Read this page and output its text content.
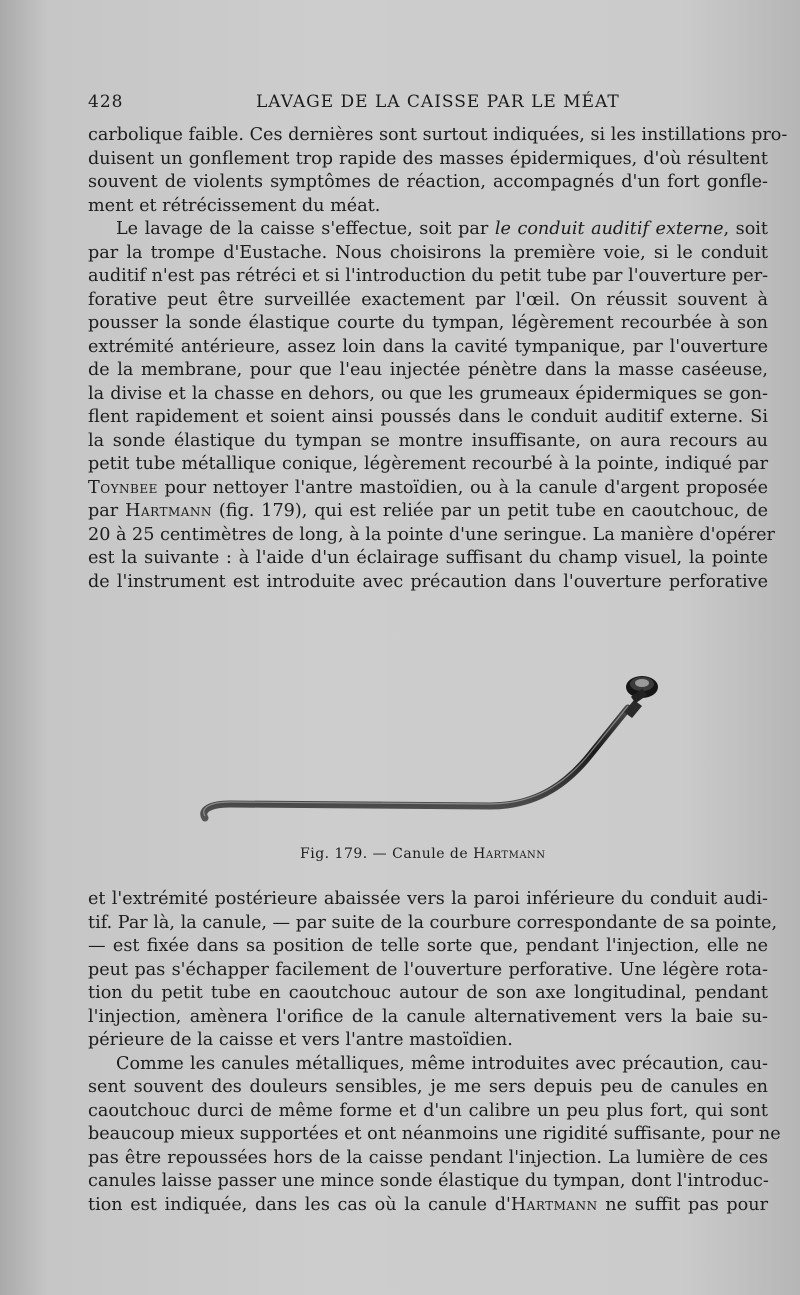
428	LAVAGE DE LA CAISSE PAR LE MÉAT
carbolique faible. Ces dernières sont surtout indiquées, si les instillations pro-
duisent un gonflement trop rapide des masses épidermiques, d'où résultent
souvent de violents symptômes de réaction, accompagnés d'un fort gonfle-
ment et rétrécissement du méat.
Le lavage de la caisse s'effectue, soit par le conduit auditif externe, soit
par la trompe d'Eustache. Nous choisirons la première voie, si le conduit
auditif n'est pas rétréci et si l'introduction du petit tube par l'ouverture per-
forative peut être surveillée exactement par l'œil. On réussit souvent à
pousser la sonde élastique courte du tympan, légèrement recourbée à son
extrémité antérieure, assez loin dans la cavité tympanique, par l'ouverture
de la membrane, pour que l'eau injectée pénètre dans la masse caséeuse,
la divise et la chasse en dehors, ou que les grumeaux épidermiques se gon-
flent rapidement et soient ainsi poussés dans le conduit auditif externe. Si
la sonde élastique du tympan se montre insuffisante, on aura recours au
petit tube métallique conique, légèrement recourbé à la pointe, indiqué par
Toynbee pour nettoyer l'antre mastoïdien, ou à la canule d'argent proposée
par Hartmann (fig. 179), qui est reliée par un petit tube en caoutchouc, de
20 à 25 centimètres de long, à la pointe d'une seringue. La manière d'opérer
est la suivante : à l'aide d'un éclairage suffisant du champ visuel, la pointe
de l'instrument est introduite avec précaution dans l'ouverture perforative
Fig. 179. — Canule de Hartmann
et l'extrémité postérieure abaissée vers la paroi inférieure du conduit audi-
tif. Par là, la canule, — par suite de la courbure correspondante de sa pointe,
— est fixée dans sa position de telle sorte que, pendant l'injection, elle ne
peut pas s'échapper facilement de l'ouverture perforative. Une légère rota-
tion du petit tube en caoutchouc autour de son axe longitudinal, pendant
l'injection, amènera l'orifice de la canule alternativement vers la baie su-
périeure de la caisse et vers l'antre mastoïdien.
Comme les canules métalliques, même introduites avec précaution, cau-
sent souvent des douleurs sensibles, je me sers depuis peu de canules en
caoutchouc durci de même forme et d'un calibre un peu plus fort, qui sont
beaucoup mieux supportées et ont néanmoins une rigidité suffisante, pour ne
pas être repoussées hors de la caisse pendant l'injection. La lumière de ces
canules laisse passer une mince sonde élastique du tympan, dont l'introduc-
tion est indiquée, dans les cas où la canule d'Hartmann ne suffit pas pour
